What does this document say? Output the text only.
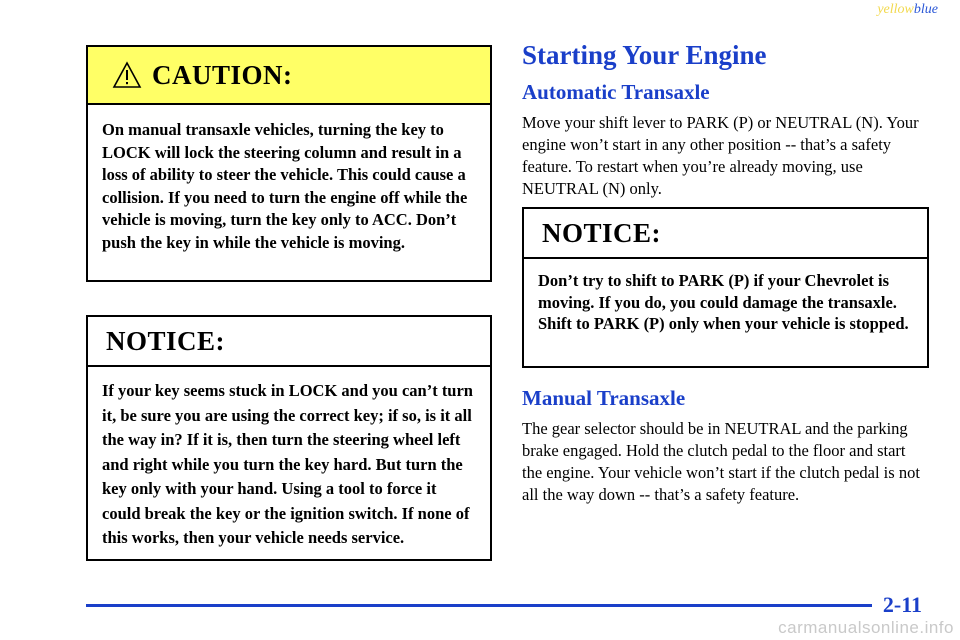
yellowblue
CAUTION:
On manual transaxle vehicles, turning the key to LOCK will lock the steering column and result in a loss of ability to steer the vehicle. This could cause a collision. If you need to turn the engine off while the vehicle is moving, turn the key only to ACC. Don’t push the key in while the vehicle is moving.
NOTICE:
If your key seems stuck in LOCK and you can’t turn it, be sure you are using the correct key; if so, is it all the way in? If it is, then turn the steering wheel left and right while you turn the key hard. But turn the key only with your hand. Using a tool to force it could break the key or the ignition switch. If none of this works, then your vehicle needs service.
Starting Your Engine
Automatic Transaxle
Move your shift lever to PARK (P) or NEUTRAL (N). Your engine won’t start in any other position -- that’s a safety feature. To restart when you’re already moving, use NEUTRAL (N) only.
NOTICE:
Don’t try to shift to PARK (P) if your Chevrolet is moving. If you do, you could damage the transaxle. Shift to PARK (P) only when your vehicle is stopped.
Manual Transaxle
The gear selector should be in NEUTRAL and the parking brake engaged. Hold the clutch pedal to the floor and start the engine. Your vehicle won’t start if the clutch pedal is not all the way down -- that’s a safety feature.
2-11
carmanualsonline.info
